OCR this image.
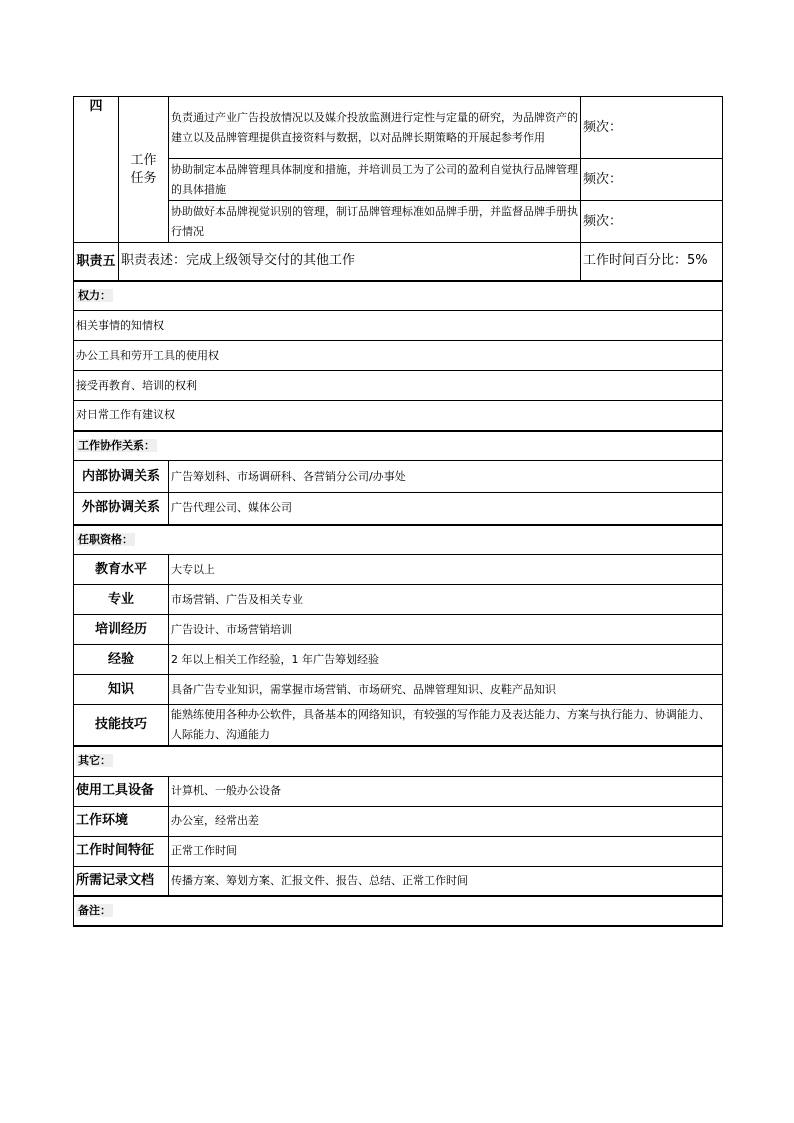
四	工作任务	负责通过产业广告投放情况以及媒介投放监测进行定性与定量的研究，为品牌资产的建立以及品牌管理提供直接资料与数据，以对品牌长期策略的开展起参考作用	频次：
		协助制定本品牌管理具体制度和措施，并培训员工为了公司的盈利自觉执行品牌管理的具体措施	频次：
		协助做好本品牌视觉识别的管理，制订品牌管理标准如品牌手册，并监督品牌手册执行情况	频次：
职责五	职责表述：完成上级领导交付的其他工作		工作时间百分比：5%
权力：			
相关事情的知情权			
办公工具和劳开工具的使用权			
接受再教育、培训的权利			
对日常工作有建议权			
工作协作关系：			
内部协调关系		广告筹划科、市场调研科、各营销分公司/办事处	
外部协调关系		广告代理公司、媒体公司	
任职资格：			
教育水平		大专以上	
专业		市场营销、广告及相关专业	
培训经历		广告设计、市场营销培训	
经验		2 年以上相关工作经验，1 年广告筹划经验	
知识		具备广告专业知识，需掌握市场营销、市场研究、品牌管理知识、皮鞋产品知识	
技能技巧		能熟练使用各种办公软件，具备基本的网络知识，有较强的写作能力及表达能力、方案与执行能力、协调能力、人际能力、沟通能力	
其它：			
使用工具设备		计算机、一般办公设备	
工作环境		办公室，经常出差	
工作时间特征		正常工作时间	
所需记录文档		传播方案、筹划方案、汇报文件、报告、总结、正常工作时间	
备注：			
